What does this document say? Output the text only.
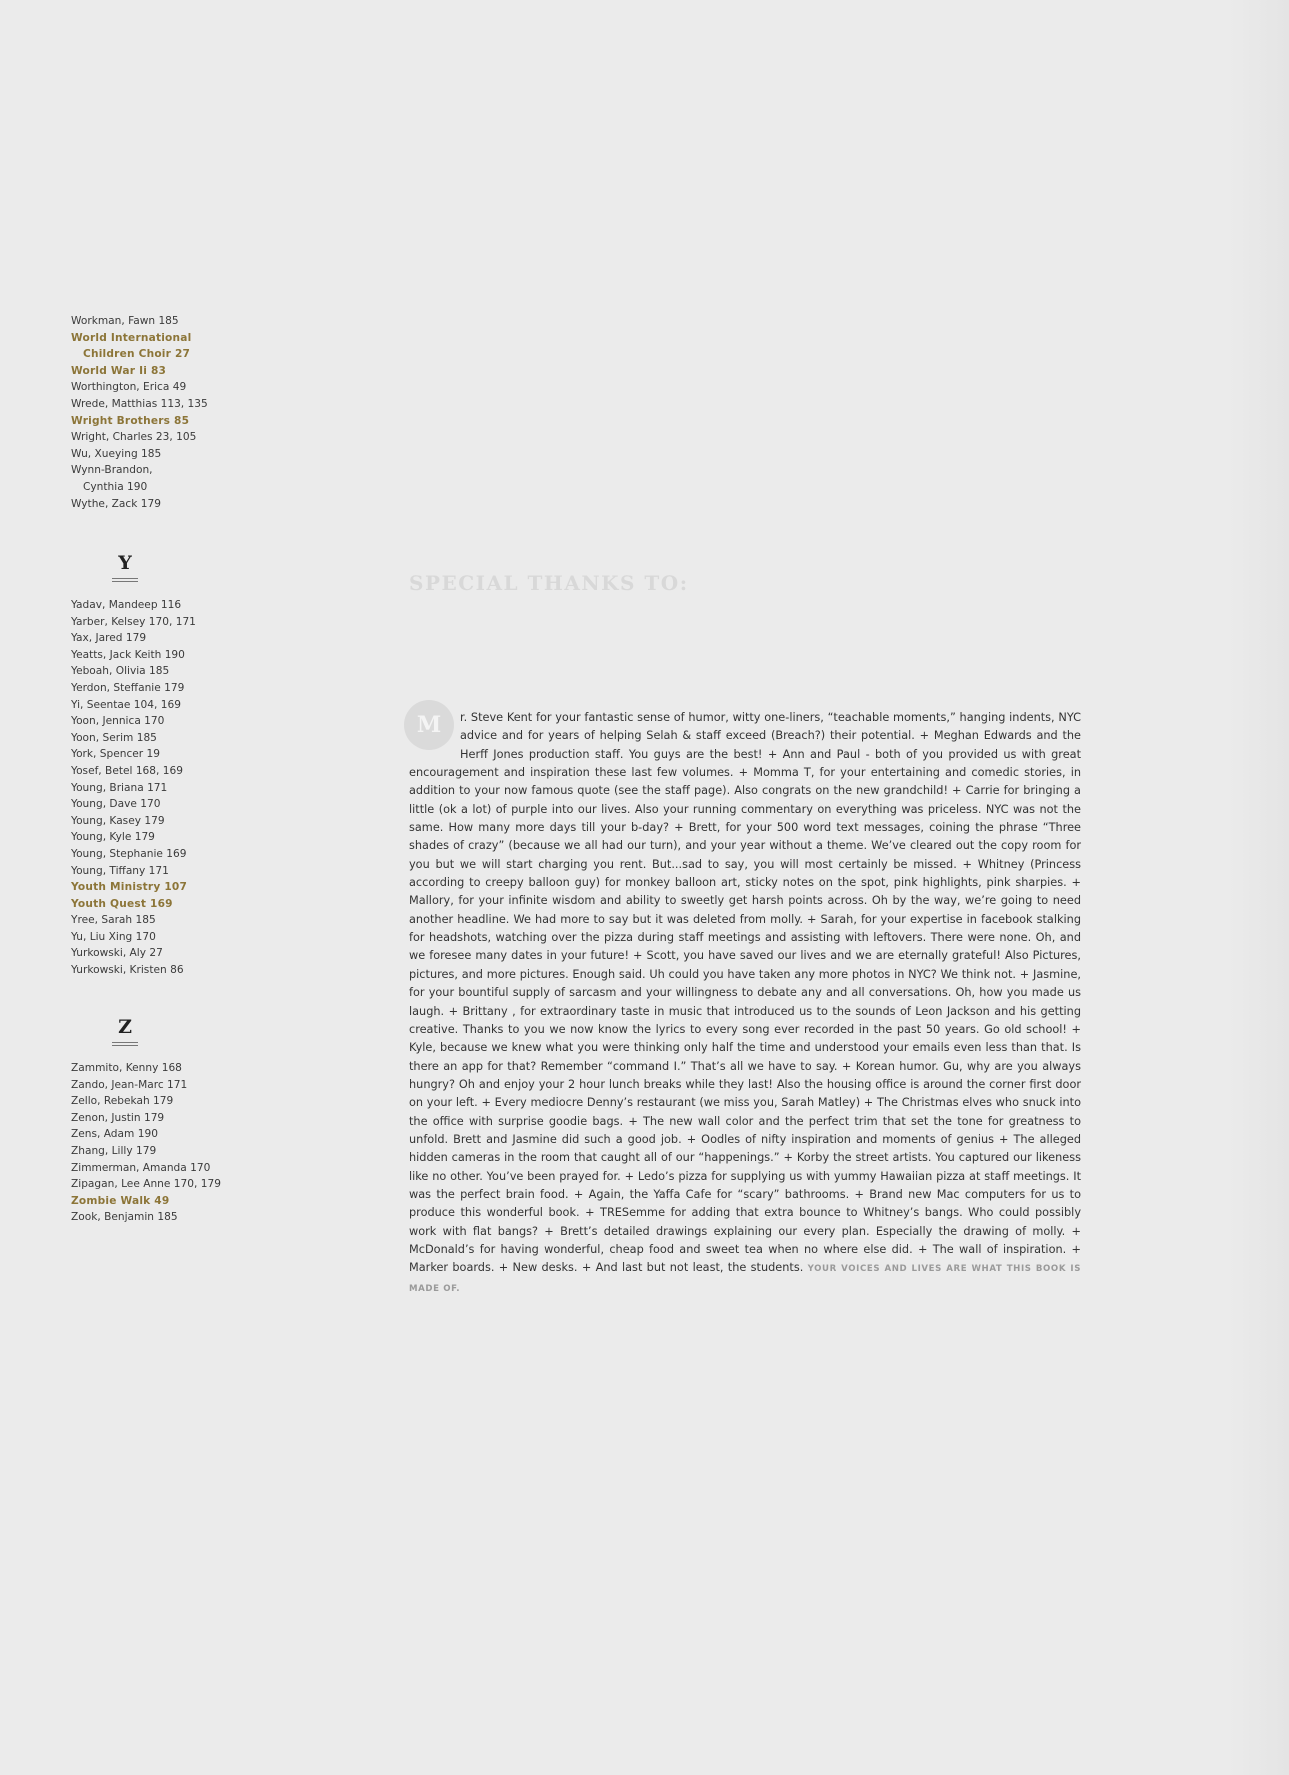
Workman, Fawn 185
World International
Children Choir 27
World War Ii 83
Worthington, Erica 49
Wrede, Matthias 113, 135
Wright Brothers 85
Wright, Charles 23, 105
Wu, Xueying 185
Wynn-Brandon,
Cynthia 190
Wythe, Zack 179
Y
Yadav, Mandeep 116
Yarber, Kelsey 170, 171
Yax, Jared 179
Yeatts, Jack Keith 190
Yeboah, Olivia 185
Yerdon, Steffanie 179
Yi, Seentae 104, 169
Yoon, Jennica 170
Yoon, Serim 185
York, Spencer 19
Yosef, Betel 168, 169
Young, Briana 171
Young, Dave 170
Young, Kasey 179
Young, Kyle 179
Young, Stephanie 169
Young, Tiffany 171
Youth Ministry 107
Youth Quest 169
Yree, Sarah 185
Yu, Liu Xing 170
Yurkowski, Aly 27
Yurkowski, Kristen 86
Z
Zammito, Kenny 168
Zando, Jean-Marc 171
Zello, Rebekah 179
Zenon, Justin 179
Zens, Adam 190
Zhang, Lilly 179
Zimmerman, Amanda 170
Zipagan, Lee Anne 170, 179
Zombie Walk 49
Zook, Benjamin 185
SPECIAL THANKS TO:
M r. Steve Kent for your fantastic sense of humor, witty one-liners, “teachable moments,” hanging indents, NYC advice and for years of helping Selah & staff exceed (Breach?) their potential. + Meghan Edwards and the Herff Jones production staff. You guys are the best! + Ann and Paul - both of you provided us with great encouragement and inspiration these last few volumes. + Momma T, for your entertaining and comedic stories, in addition to your now famous quote (see the staff page). Also congrats on the new grandchild! + Carrie for bringing a little (ok a lot) of purple into our lives. Also your running commentary on everything was priceless. NYC was not the same. How many more days till your b-day? + Brett, for your 500 word text messages, coining the phrase “Three shades of crazy” (because we all had our turn), and your year without a theme. We’ve cleared out the copy room for you but we will start charging you rent. But...sad to say, you will most certainly be missed. + Whitney (Princess according to creepy balloon guy) for monkey balloon art, sticky notes on the spot, pink highlights, pink sharpies. + Mallory, for your infinite wisdom and ability to sweetly get harsh points across. Oh by the way, we’re going to need another headline. We had more to say but it was deleted from molly. + Sarah, for your expertise in facebook stalking for headshots, watching over the pizza during staff meetings and assisting with leftovers. There were none. Oh, and we foresee many dates in your future! + Scott, you have saved our lives and we are eternally grateful! Also Pictures, pictures, and more pictures. Enough said. Uh could you have taken any more photos in NYC? We think not. + Jasmine, for your bountiful supply of sarcasm and your willingness to debate any and all conversations. Oh, how you made us laugh. + Brittany , for extraordinary taste in music that introduced us to the sounds of Leon Jackson and his getting creative. Thanks to you we now know the lyrics to every song ever recorded in the past 50 years. Go old school! + Kyle, because we knew what you were thinking only half the time and understood your emails even less than that. Is there an app for that? Remember “command I.” That’s all we have to say. + Korean humor. Gu, why are you always hungry? Oh and enjoy your 2 hour lunch breaks while they last! Also the housing office is around the corner first door on your left. + Every mediocre Denny’s restaurant (we miss you, Sarah Matley) + The Christmas elves who snuck into the office with surprise goodie bags. + The new wall color and the perfect trim that set the tone for greatness to unfold. Brett and Jasmine did such a good job. + Oodles of nifty inspiration and moments of genius + The alleged hidden cameras in the room that caught all of our “happenings.” + Korby the street artists. You captured our likeness like no other. You’ve been prayed for. + Ledo’s pizza for supplying us with yummy Hawaiian pizza at staff meetings. It was the perfect brain food. + Again, the Yaffa Cafe for “scary” bathrooms. + Brand new Mac computers for us to produce this wonderful book. + TRESemme for adding that extra bounce to Whitney’s bangs. Who could possibly work with flat bangs? + Brett’s detailed drawings explaining our every plan. Especially the drawing of molly. + McDonald’s for having wonderful, cheap food and sweet tea when no where else did. + The wall of inspiration. + Marker boards. + New desks. + And last but not least, the students. YOUR VOICES AND LIVES ARE WHAT THIS BOOK IS MADE OF.
